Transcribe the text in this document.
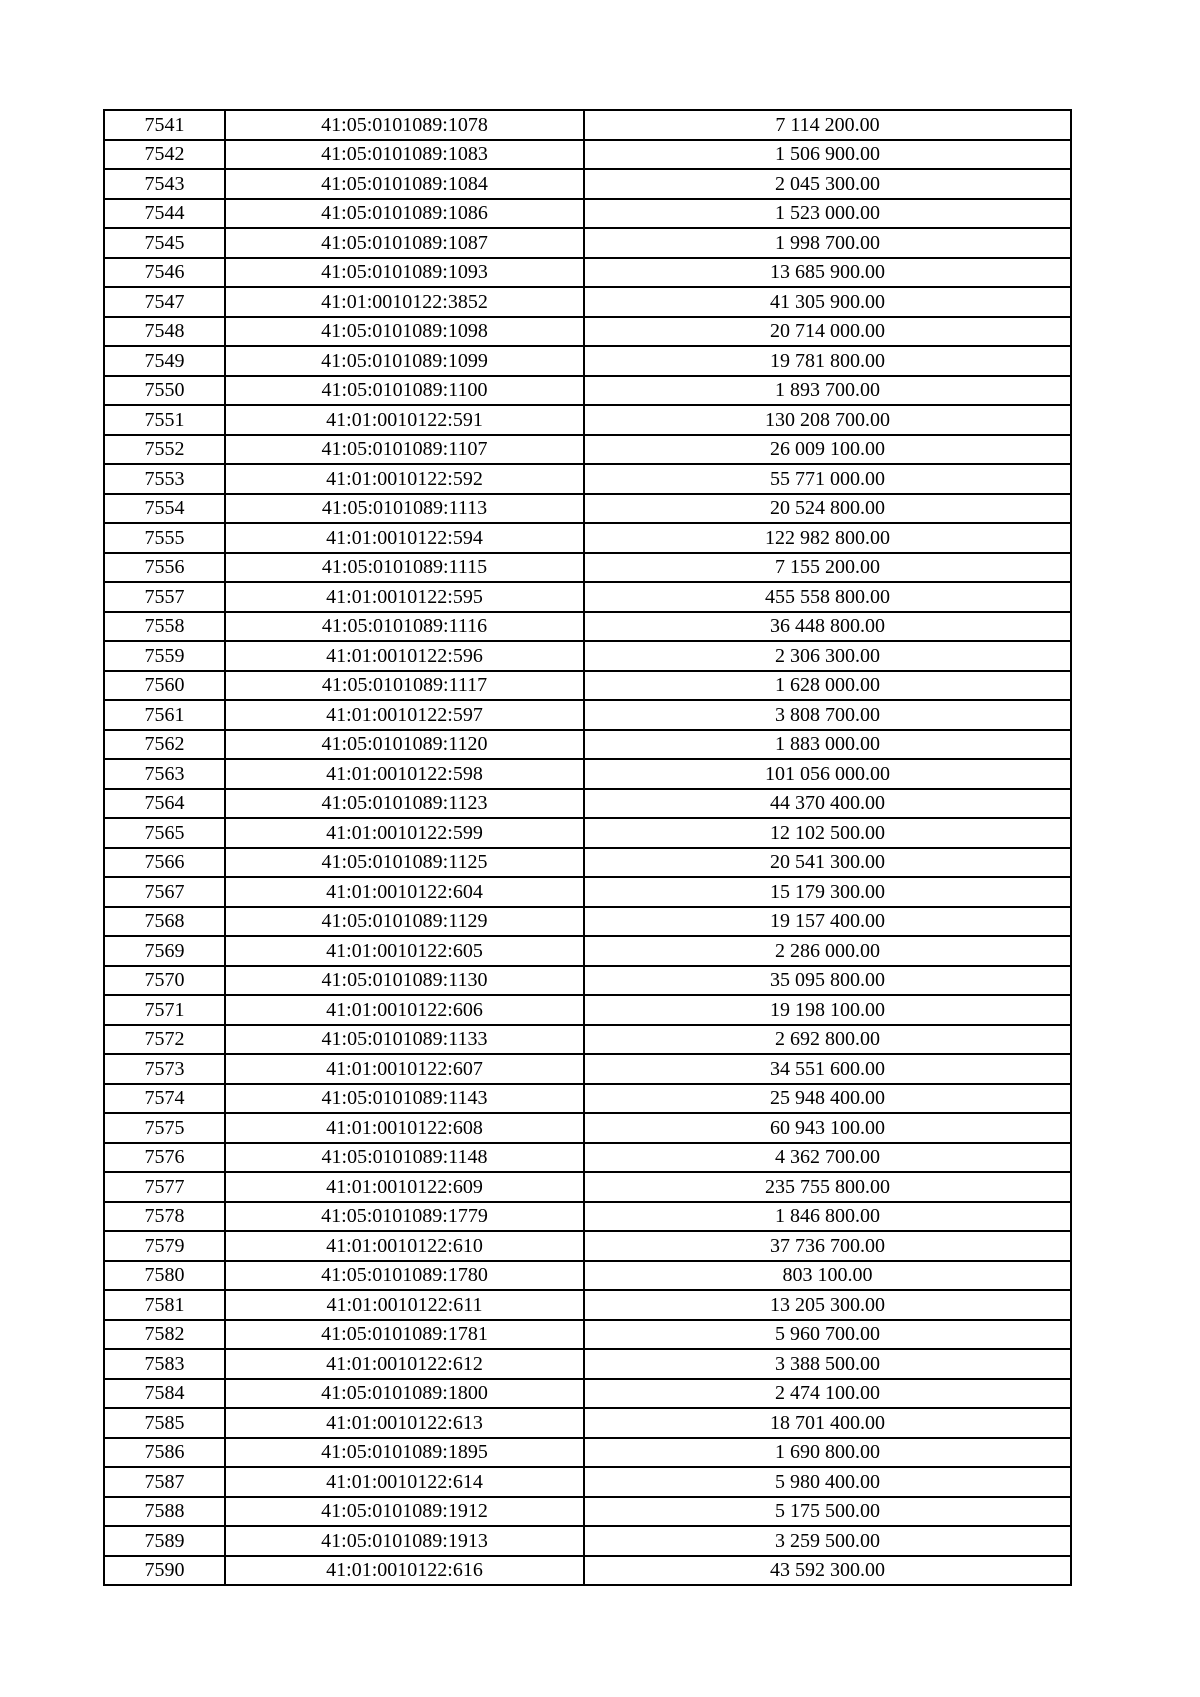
7541	41:05:0101089:1078	7 114 200.00
7542	41:05:0101089:1083	1 506 900.00
7543	41:05:0101089:1084	2 045 300.00
7544	41:05:0101089:1086	1 523 000.00
7545	41:05:0101089:1087	1 998 700.00
7546	41:05:0101089:1093	13 685 900.00
7547	41:01:0010122:3852	41 305 900.00
7548	41:05:0101089:1098	20 714 000.00
7549	41:05:0101089:1099	19 781 800.00
7550	41:05:0101089:1100	1 893 700.00
7551	41:01:0010122:591	130 208 700.00
7552	41:05:0101089:1107	26 009 100.00
7553	41:01:0010122:592	55 771 000.00
7554	41:05:0101089:1113	20 524 800.00
7555	41:01:0010122:594	122 982 800.00
7556	41:05:0101089:1115	7 155 200.00
7557	41:01:0010122:595	455 558 800.00
7558	41:05:0101089:1116	36 448 800.00
7559	41:01:0010122:596	2 306 300.00
7560	41:05:0101089:1117	1 628 000.00
7561	41:01:0010122:597	3 808 700.00
7562	41:05:0101089:1120	1 883 000.00
7563	41:01:0010122:598	101 056 000.00
7564	41:05:0101089:1123	44 370 400.00
7565	41:01:0010122:599	12 102 500.00
7566	41:05:0101089:1125	20 541 300.00
7567	41:01:0010122:604	15 179 300.00
7568	41:05:0101089:1129	19 157 400.00
7569	41:01:0010122:605	2 286 000.00
7570	41:05:0101089:1130	35 095 800.00
7571	41:01:0010122:606	19 198 100.00
7572	41:05:0101089:1133	2 692 800.00
7573	41:01:0010122:607	34 551 600.00
7574	41:05:0101089:1143	25 948 400.00
7575	41:01:0010122:608	60 943 100.00
7576	41:05:0101089:1148	4 362 700.00
7577	41:01:0010122:609	235 755 800.00
7578	41:05:0101089:1779	1 846 800.00
7579	41:01:0010122:610	37 736 700.00
7580	41:05:0101089:1780	803 100.00
7581	41:01:0010122:611	13 205 300.00
7582	41:05:0101089:1781	5 960 700.00
7583	41:01:0010122:612	3 388 500.00
7584	41:05:0101089:1800	2 474 100.00
7585	41:01:0010122:613	18 701 400.00
7586	41:05:0101089:1895	1 690 800.00
7587	41:01:0010122:614	5 980 400.00
7588	41:05:0101089:1912	5 175 500.00
7589	41:05:0101089:1913	3 259 500.00
7590	41:01:0010122:616	43 592 300.00
